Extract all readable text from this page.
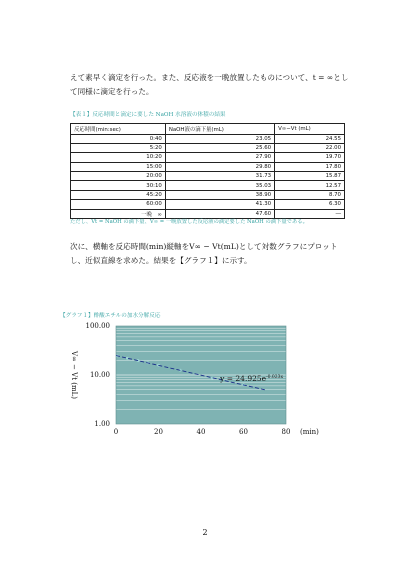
えて素早く滴定を行った。また、反応液を一晩放置したものについて、t = ∞として同様に滴定を行った。
【表１】反応時間と滴定に要した NaOH 水溶液の体積の結果
反応時間(min:sec)	NaOH液の滴下量(mL)	V∞−Vt (mL)
0:40	23.05	24.55
5:20	25.60	22.00
10:20	27.90	19.70
15:00	29.80	17.80
20:00	31.73	15.87
30:10	35.03	12.57
45:20	38.90	8.70
60:00	41.30	6.30
一晩　∞	47.60	―
ただし、Vt = NaOH の滴下量、V∞ = 一晩放置した反応液の滴定要した NaOH の滴下量である。
次に、横軸を反応時間(min)縦軸をV∞ − Vt(mL)として対数グラフにプロットし、近似直線を求めた。結果を【グラフ１】に示す。
【グラフ１】酢酸エチルの加水分解反応
$y = 24.925e^{-0.023x}$
100.00
10.00
1.00
0	20	40	60	80 (min)
V∞ − Vt (mL)
2
